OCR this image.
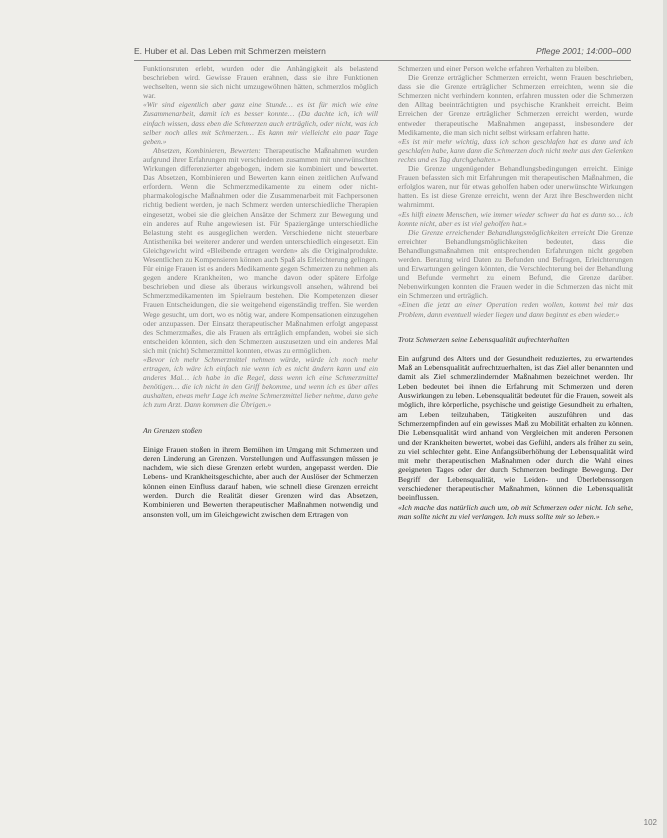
E. Huber et al. Das Leben mit Schmerzen meistern	Pflege 2001; 14:000–000

Funktionsruten erlebt, wurden oder die Anhängigkeit als belastend beschrieben wird. Gewisse Frauen erahnen, dass sie ihre Funktionen wechselten, wenn sie sich nicht umzugewöhnen hätten, schmerzlos möglich war.

«Wir sind eigentlich aber ganz eine Stunde… es ist für mich wie eine Zusammenarbeit, damit ich es besser konnte… (Da dachte ich, ich will einfach wissen, dass eben die Schmerzen auch erträglich, oder nicht, was ich selber noch alles mit Schmerzen… Es kann mir vielleicht ein paar Tage geben.»

Absetzen, Kombinieren, Bewerten: Therapeutische Maßnahmen wurden aufgrund ihrer Erfahrungen mit verschiedenen zusammen mit unerwünschten Wirkungen differenzierter abgebogen, indem sie kombiniert und bewertet. Das Absetzen, Kombinieren und Bewerten kann einen zeitlichen Aufwand erfordern. Wenn die Schmerzmedikamente zu einem oder nicht-pharmakologische Maßnahmen oder die Zusammenarbeit mit Fachpersonen richtig bedient werden, je nach Schmerz werden unterschiedliche Therapien eingesetzt, wobei sie die gleichen Ansätze der Schmerz zur Bewegung und ein anderes auf Ruhe angewiesen ist. Für Spaziergänge unterschiedliche Belastung steht es ausgeglichen werden. Verschiedene nicht steuerbare Antisthenika bei weiterer anderer und werden unterschiedlich eingesetzt. Ein Gleichgewicht wird «Bleibende ertragen werden» als die Originalprodukte. Wesentlichen zu Kompensieren können auch Spaß als Erleichterung gelingen. Für einige Frauen ist es anders Medikamente gegen Schmerzen zu nehmen als gegen andere Krankheiten, wo manche davon oder spätere Erfolge beschrieben und diese als überaus wirkungsvoll ansehen, während bei Schmerzmedikamenten im Spielraum bestehen. Die Kompetenzen dieser Frauen Entscheidungen, die sie weitgehend eigenständig treffen. Sie werden Wege gesucht, um dort, wo es nötig war, andere Kompensationen einzugehen oder anzupassen. Der Einsatz therapeutischer Maßnahmen erfolgt angepasst des Schmerzmaßes, die als Frauen als erträglich empfanden, wobei sie sich entscheiden könnten, sich den Schmerzen auszusetzen und ein anderes Mal sich mit (nicht) Schmerzmittel konnten, etwas zu ermöglichen.

«Bevor ich mehr Schmerzmittel nehmen würde, würde ich noch mehr ertragen, ich wäre ich einfach nie wenn ich es nicht ändern kann und ein anderes Mal… ich habe in die Regel, dass wenn ich eine Schmerzmittel benötigen… die ich nicht in den Griff bekomme, und wenn ich es über alles aushalten, etwas mehr Lage ich meine Schmerzmittel lieber nehme, dann gehe ich zum Arzt. Dann kommen die Übrigen.»

An Grenzen stoßen

Einige Frauen stoßen in ihrem Bemühen im Umgang mit Schmerzen und deren Linderung an Grenzen. Vorstellungen und Auffassungen müssen je nachdem, wie sich diese Grenzen erlebt wurden, angepasst werden. Die Lebens- und Krankheitsgeschichte, aber auch der Auslöser der Schmerzen können einen Einfluss darauf haben, wie schnell diese Grenzen erreicht werden. Durch die Realität dieser Grenzen wird das Absetzen, Kombinieren und Bewerten therapeutischer Maßnahmen notwendig und ansonsten voll, um im Gleichgewicht zwischen dem Ertragen von

Schmerzen und einer Person welche erfahren Verhalten zu bleiben.

Die Grenze erträglicher Schmerzen erreicht, wenn Frauen beschrieben, dass sie die Grenze erträglicher Schmerzen erreichten, wenn sie die Schmerzen nicht verhindern konnten, erfahren mussten oder die Schmerzen den Alltag beeinträchtigten und psychische Krankheit erreicht. Beim Erreichen der Grenze erträglicher Schmerzen erreicht werden, wurde entweder therapeutische Maßnahmen angepasst, insbesondere der Medikamente, die man sich nicht selbst wirksam erfahren hatte.

«Es ist mir mehr wichtig, dass ich schon geschlafen hat es dann und ich geschlafen habe, kann dann die Schmerzen doch nicht mehr aus den Gelenken rechts und es Tag durchgehalten.»

Die Grenze ungenügender Behandlungsbedingungen erreicht. Einige Frauen befassten sich mit Erfahrungen mit therapeutischen Maßnahmen, die erfolglos waren, nur für etwas geholfen haben oder unerwünschte Wirkungen hatten. Es ist diese Grenze erreicht, wenn der Arzt ihre Beschwerden nicht wahrnimmt.

«Es hilft einem Menschen, wie immer wieder schwer da hat es dann so… ich konnte nicht, aber es ist viel geholfen hat.»

Die Grenze erreichender Behandlungsmöglichkeiten erreicht Die Grenze erreichter Behandlungsmöglichkeiten bedeutet, dass die Behandlungsmaßnahmen mit entsprechenden Erfahrungen nicht gegeben werden. Beratung wird Daten zu Befunden und Befragen, Erleichterungen und Erwartungen gelingen könnten, die Verschlechterung bei der Behandlung und Befunde vermehrt zu einem Befund, die Grenze darüber. Nebenwirkungen konnten die Frauen weder in die Schmerzen das nicht mit ein Schmerzen und erträglich.

«Einen die jetzt an einer Operation reden wollen, kommt bei mir das Problem, dann eventuell wieder liegen und dann beginnt es eben wieder.»

Trotz Schmerzen seine Lebensqualität aufrechterhalten

Ein aufgrund des Alters und der Gesundheit reduziertes, zu erwartendes Maß an Lebensqualität aufrechtzuerhalten, ist das Ziel aller benannten und damit als Ziel schmerzlindernder Maßnahmen bezeichnet werden. Ihr Leben bedeutet bei ihnen die Erfahrung mit Schmerzen und deren Auswirkungen zu leben. Lebensqualität bedeutet für die Frauen, soweit als möglich, ihre körperliche, psychische und geistige Gesundheit zu erhalten, am Leben teilzuhaben, Tätigkeiten auszuführen und das Schmerzempfinden auf ein gewisses Maß zu Mobilität erhalten zu können. Die Lebensqualität wird anhand von Vergleichen mit anderen Personen und der Krankheiten bewertet, wobei das Gefühl, anders als früher zu sein, zu viel schlechter geht. Eine Anfangsüberhöhung der Lebensqualität wird mit mehr therapeutischen Maßnahmen oder durch die Wahl eines geeigneten Tages oder der durch Schmerzen bedingte Bewegung. Der Begriff der Lebensqualität, wie Leiden- und Überlebenssorgen verschiedener therapeutischer Maßnahmen, können die Lebensqualität beeinflussen.

«Ich mache das natürlich auch um, ob mit Schmerzen oder nicht. Ich sehe, man sollte nicht zu viel verlangen. Ich muss sollte mir so leben.»

102
